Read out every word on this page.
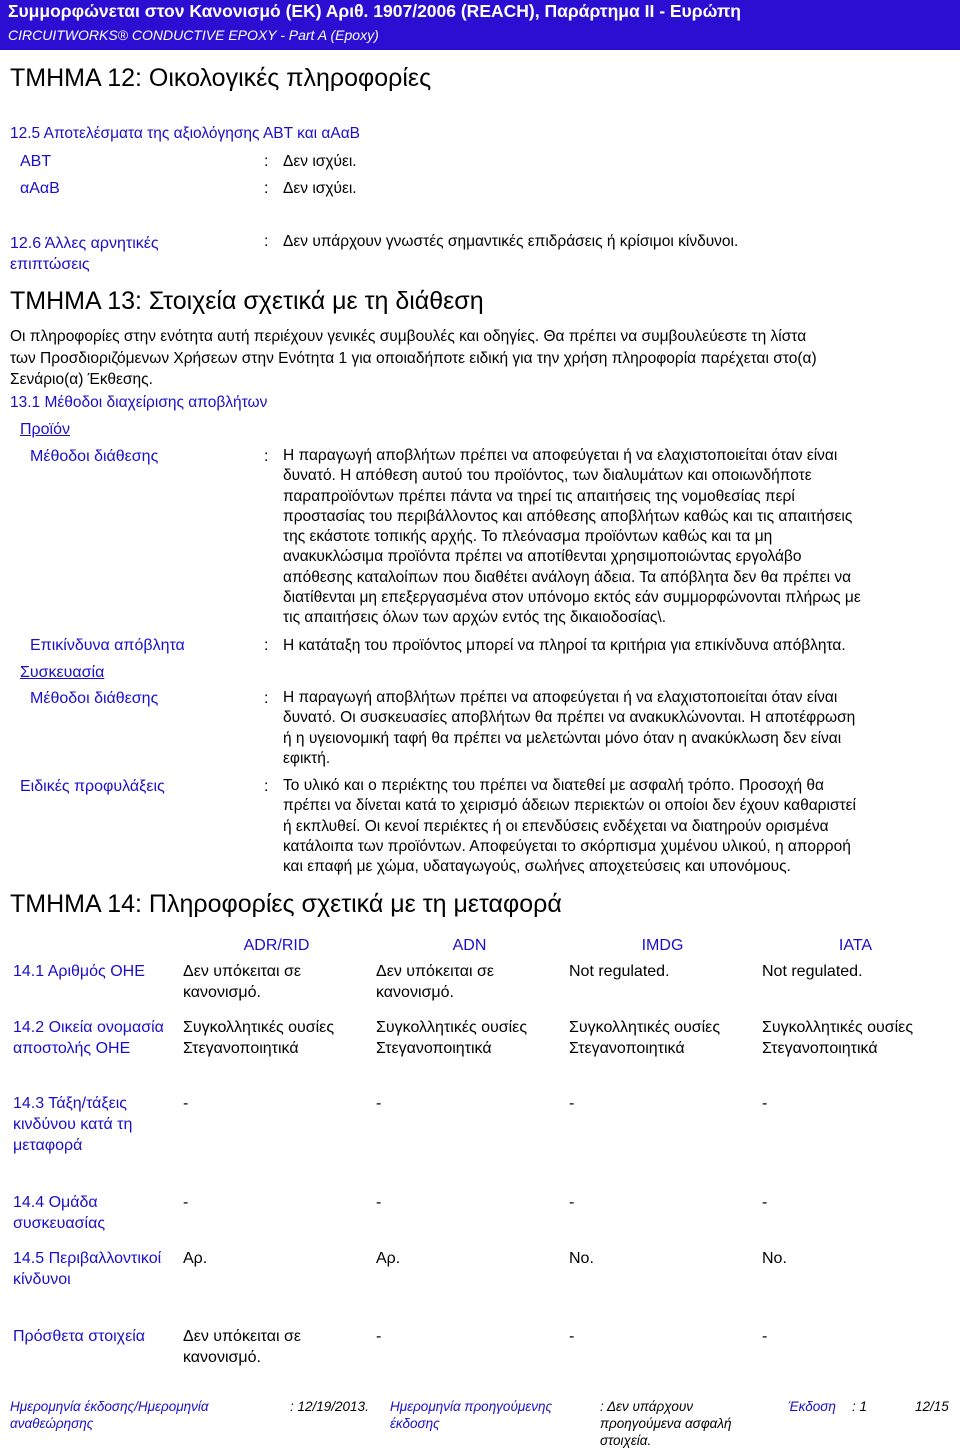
Συμμορφώνεται στον Κανονισμό (ΕΚ) Αριθ. 1907/2006 (REACH), Παράρτημα II - Ευρώπη
CIRCUITWORKS® CONDUCTIVE EPOXY - Part A (Epoxy)
ΤΜΗΜΑ 12: Οικολογικές πληροφορίες
12.5 Αποτελέσματα της αξιολόγησης ΑΒΤ και αΑαΒ
ΑΒΤ	: Δεν ισχύει.
αΑαΒ	: Δεν ισχύει.
12.6 Άλλες αρνητικές
επιπτώσεις
: Δεν υπάρχουν γνωστές σημαντικές επιδράσεις ή κρίσιμοι κίνδυνοι.
ΤΜΗΜΑ 13: Στοιχεία σχετικά με τη διάθεση
Οι πληροφορίες στην ενότητα αυτή περιέχουν γενικές συμβουλές και οδηγίες. Θα πρέπει να συμβουλεύεστε τη λίστα
των Προσδιοριζόμενων Χρήσεων στην Ενότητα 1 για οποιαδήποτε ειδική για την χρήση πληροφορία παρέχεται στο(α)
Σενάριο(α) Έκθεσης.
13.1 Μέθοδοι διαχείρισης αποβλήτων
Προϊόν
Μέθοδοι διάθεσης	: Η παραγωγή αποβλήτων πρέπει να αποφεύγεται ή να ελαχιστοποιείται όταν είναι
δυνατό. Η απόθεση αυτού του προϊόντος, των διαλυμάτων και οποιωνδήποτε
παραπροϊόντων πρέπει πάντα να τηρεί τις απαιτήσεις της νομοθεσίας περί
προστασίας του περιβάλλοντος και απόθεσης αποβλήτων καθώς και τις απαιτήσεις
της εκάστοτε τοπικής αρχής. Το πλεόνασμα προϊόντων καθώς και τα μη
ανακυκλώσιμα προϊόντα πρέπει να αποτίθενται χρησιμοποιώντας εργολάβο
απόθεσης καταλοίπων που διαθέτει ανάλογη άδεια. Τα απόβλητα δεν θα πρέπει να
διατίθενται μη επεξεργασμένα στον υπόνομο εκτός εάν συμμορφώνονται πλήρως με
τις απαιτήσεις όλων των αρχών εντός της δικαιοδοσίας\.
Επικίνδυνα απόβλητα	: Η κατάταξη του προϊόντος μπορεί να πληροί τα κριτήρια για επικίνδυνα απόβλητα.
Συσκευασία
Μέθοδοι διάθεσης	: Η παραγωγή αποβλήτων πρέπει να αποφεύγεται ή να ελαχιστοποιείται όταν είναι
δυνατό. Οι συσκευασίες αποβλήτων θα πρέπει να ανακυκλώνονται. Η αποτέφρωση
ή η υγειονομική ταφή θα πρέπει να μελετώνται μόνο όταν η ανακύκλωση δεν είναι
εφικτή.
Ειδικές προφυλάξεις	: Το υλικό και ο περιέκτης του πρέπει να διατεθεί με ασφαλή τρόπο. Προσοχή θα
πρέπει να δίνεται κατά το χειρισμό άδειων περιεκτών οι οποίοι δεν έχουν καθαριστεί
ή εκπλυθεί. Οι κενοί περιέκτες ή οι επενδύσεις ενδέχεται να διατηρούν ορισμένα
κατάλοιπα των προϊόντων. Αποφεύγεται το σκόρπισμα χυμένου υλικού, η απορροή
και επαφή με χώμα, υδαταγωγούς, σωλήνες αποχετεύσεις και υπονόμους.
ΤΜΗΜΑ 14: Πληροφορίες σχετικά με τη μεταφορά
	ADR/RID	ADN	IMDG	IATA
14.1 Αριθμός ΟΗΕ	Δεν υπόκειται σε κανονισμό.	Δεν υπόκειται σε κανονισμό.	Not regulated.	Not regulated.
14.2 Οικεία ονομασία αποστολής ΟΗΕ	Συγκολλητικές ουσίες Στεγανοποιητικά	Συγκολλητικές ουσίες Στεγανοποιητικά	Συγκολλητικές ουσίες Στεγανοποιητικά	Συγκολλητικές ουσίες Στεγανοποιητικά
14.3 Τάξη/τάξεις κινδύνου κατά τη μεταφορά	-	-	-	-
14.4 Ομάδα συσκευασίας	-	-	-	-
14.5 Περιβαλλοντικοί κίνδυνοι	Αρ.	Αρ.	No.	No.
Πρόσθετα στοιχεία	Δεν υπόκειται σε κανονισμό.	-	-	-
Ημερομηνία έκδοσης/Ημερομηνία αναθεώρησης
: 12/19/2013. Ημερομηνία προηγούμενης έκδοσης
: Δεν υπάρχουν προηγούμενα ασφαλή στοιχεία.
Έκδοση : 1	12/15
